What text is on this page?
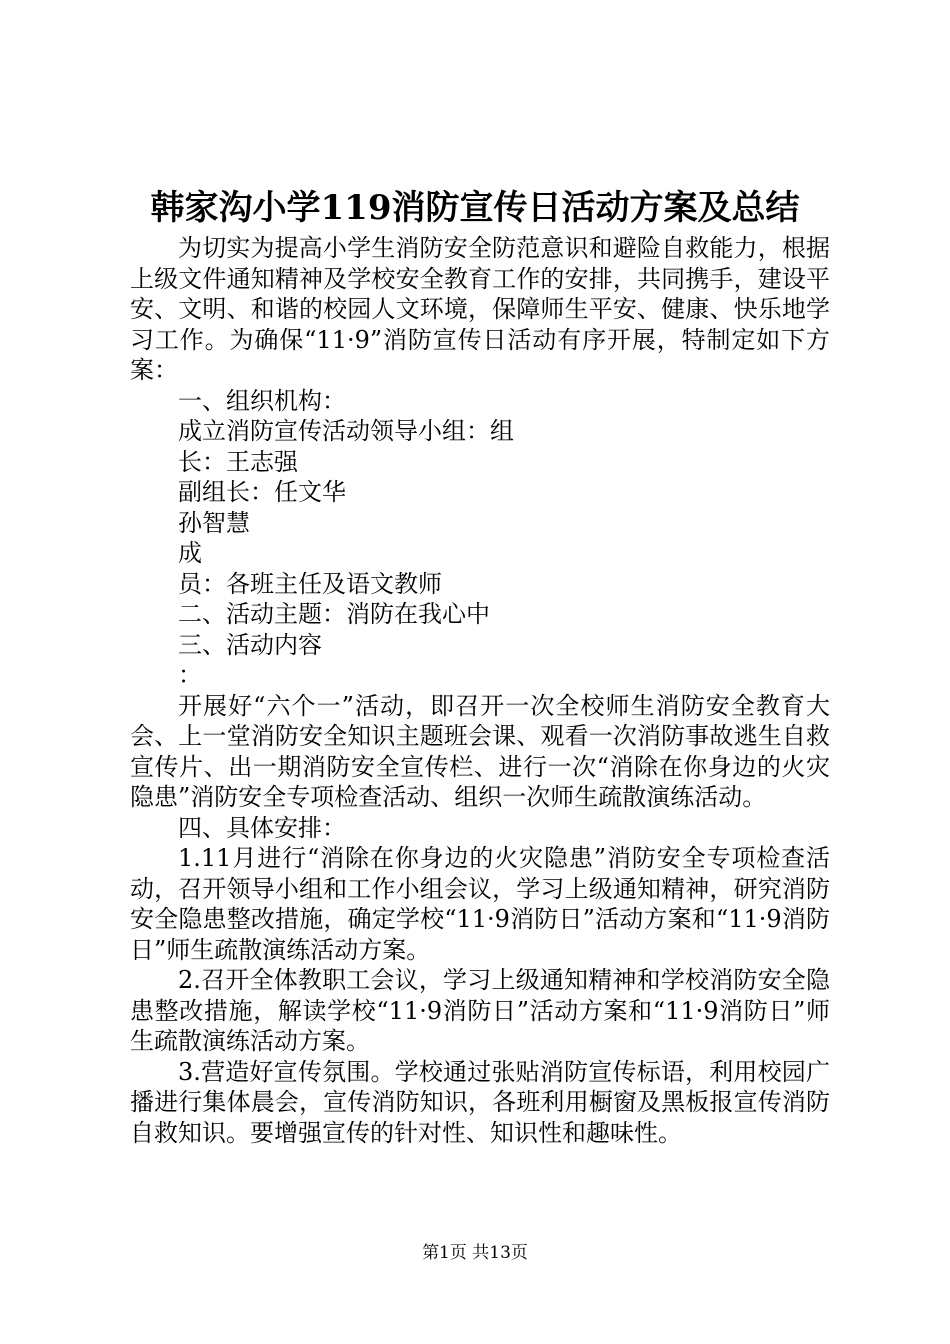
韩家沟小学119消防宣传日活动方案及总结

为切实为提高小学生消防安全防范意识和避险自救能力，根据上级文件通知精神及学校安全教育工作的安排，共同携手，建设平安、文明、和谐的校园人文环境，保障师生平安、健康、快乐地学习工作。为确保“11·9”消防宣传日活动有序开展，特制定如下方案：

一、组织机构：

成立消防宣传活动领导小组：组

长：王志强

副组长：任文华

孙智慧

成

员：各班主任及语文教师

二、活动主题：消防在我心中

三、活动内容

：

开展好“六个一”活动，即召开一次全校师生消防安全教育大会、上一堂消防安全知识主题班会课、观看一次消防事故逃生自救宣传片、出一期消防安全宣传栏、进行一次“消除在你身边的火灾隐患”消防安全专项检查活动、组织一次师生疏散演练活动。

四、具体安排：

1.11月进行“消除在你身边的火灾隐患”消防安全专项检查活动，召开领导小组和工作小组会议，学习上级通知精神，研究消防安全隐患整改措施，确定学校“11·9消防日”活动方案和“11·9消防日”师生疏散演练活动方案。

2.召开全体教职工会议，学习上级通知精神和学校消防安全隐患整改措施，解读学校“11·9消防日”活动方案和“11·9消防日”师生疏散演练活动方案。

3.营造好宣传氛围。学校通过张贴消防宣传标语，利用校园广播进行集体晨会，宣传消防知识，各班利用橱窗及黑板报宣传消防自救知识。要增强宣传的针对性、知识性和趣味性。

第1页 共13页
